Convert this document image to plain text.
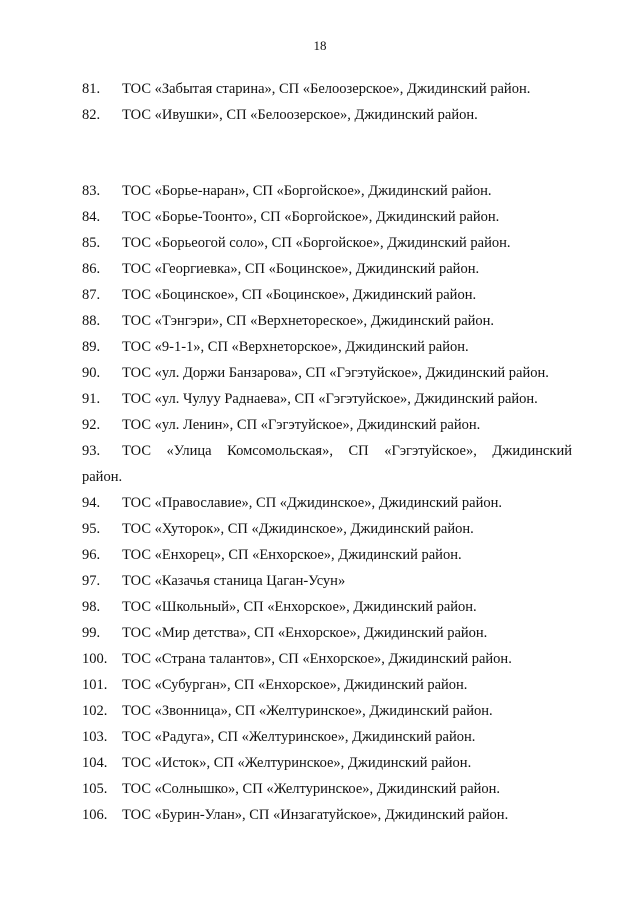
18
81.	ТОС «Забытая старина», СП «Белоозерское», Джидинский район.
82.	ТОС «Ивушки», СП «Белоозерское», Джидинский район.
83.	ТОС «Борье-наран», СП «Боргойское», Джидинский район.
84.	ТОС «Борье-Тоонто», СП «Боргойское», Джидинский район.
85.	ТОС «Борьеогой соло», СП «Боргойское», Джидинский район.
86.	ТОС «Георгиевка», СП «Боцинское», Джидинский район.
87.	ТОС «Боцинское», СП «Боцинское», Джидинский район.
88.	ТОС «Тэнгэри», СП «Верхнетореское», Джидинский район.
89.	ТОС «9-1-1», СП «Верхнеторское», Джидинский район.
90.	ТОС «ул. Доржи Банзарова», СП «Гэгэтуйское», Джидинский район.
91.	ТОС «ул. Чулуу Раднаева», СП «Гэгэтуйское», Джидинский район.
92.	ТОС «ул. Ленин», СП «Гэгэтуйское», Джидинский район.
93.	ТОС «Улица Комсомольская», СП «Гэгэтуйское», Джидинский
район.
94.	ТОС «Православие», СП «Джидинское», Джидинский район.
95.	ТОС «Хуторок», СП «Джидинское», Джидинский район.
96.	ТОС «Енхорец», СП «Енхорское», Джидинский район.
97.	ТОС «Казачья станица Цаган-Усун»
98.	ТОС «Школьный», СП «Енхорское», Джидинский район.
99.	ТОС «Мир детства», СП «Енхорское», Джидинский район.
100.	ТОС «Страна талантов», СП «Енхорское», Джидинский район.
101.	ТОС «Субурган», СП «Енхорское», Джидинский район.
102.	ТОС «Звонница», СП «Желтуринское», Джидинский район.
103.	ТОС «Радуга», СП «Желтуринское», Джидинский район.
104.	ТОС «Исток», СП «Желтуринское», Джидинский район.
105.	ТОС «Солнышко», СП «Желтуринское», Джидинский район.
106.	ТОС «Бурин-Улан», СП «Инзагатуйское», Джидинский район.
